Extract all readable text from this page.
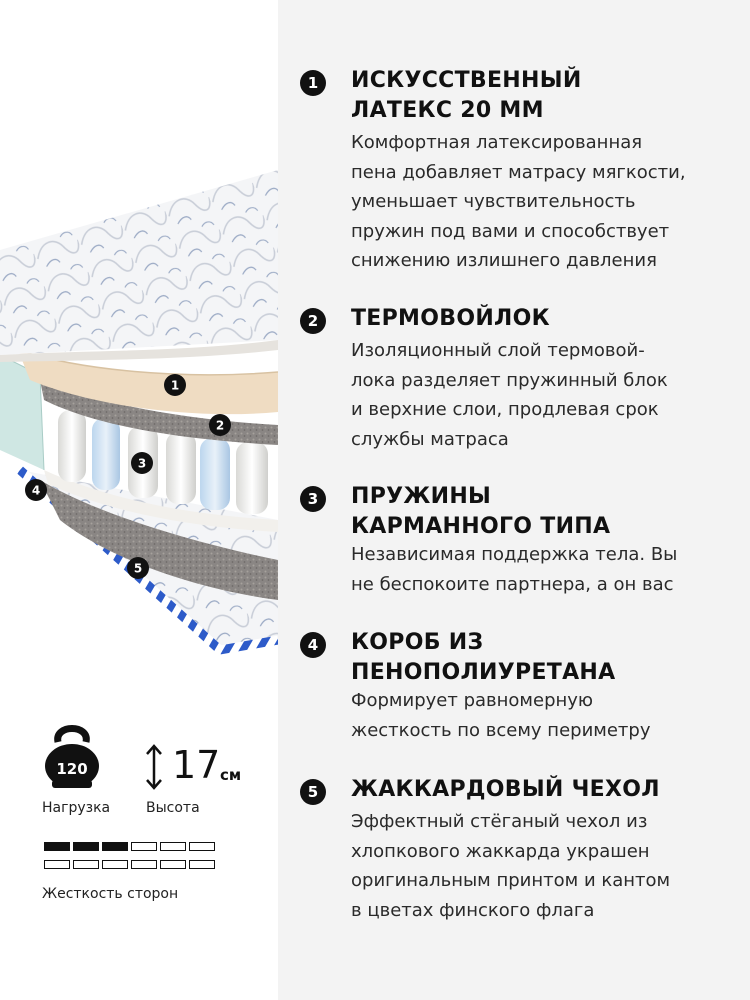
1
2
3
4
5
120
Нагрузка
17 см
Высота
Жесткость сторон
1	ИСКУССТВЕННЫЙ
ЛАТЕКС 20 ММ
Комфортная латексированная
пена добавляет матрасу мягкости,
уменьшает чувствительность
пружин под вами и способствует
снижению излишнего давления
2	ТЕРМОВОЙЛОК
Изоляционный слой термовой-
лока разделяет пружинный блок
и верхние слои, продлевая срок
службы матраса
3	ПРУЖИНЫ
КАРМАННОГО ТИПА
Независимая поддержка тела. Вы
не беспокоите партнера, а он вас
4	КОРОБ ИЗ
ПЕНОПОЛИУРЕТАНА
Формирует равномерную
жесткость по всему периметру
5	ЖАККАРДОВЫЙ ЧЕХОЛ
Эффектный стёганый чехол из
хлопкового жаккарда украшен
оригинальным принтом и кантом
в цветах финского флага
